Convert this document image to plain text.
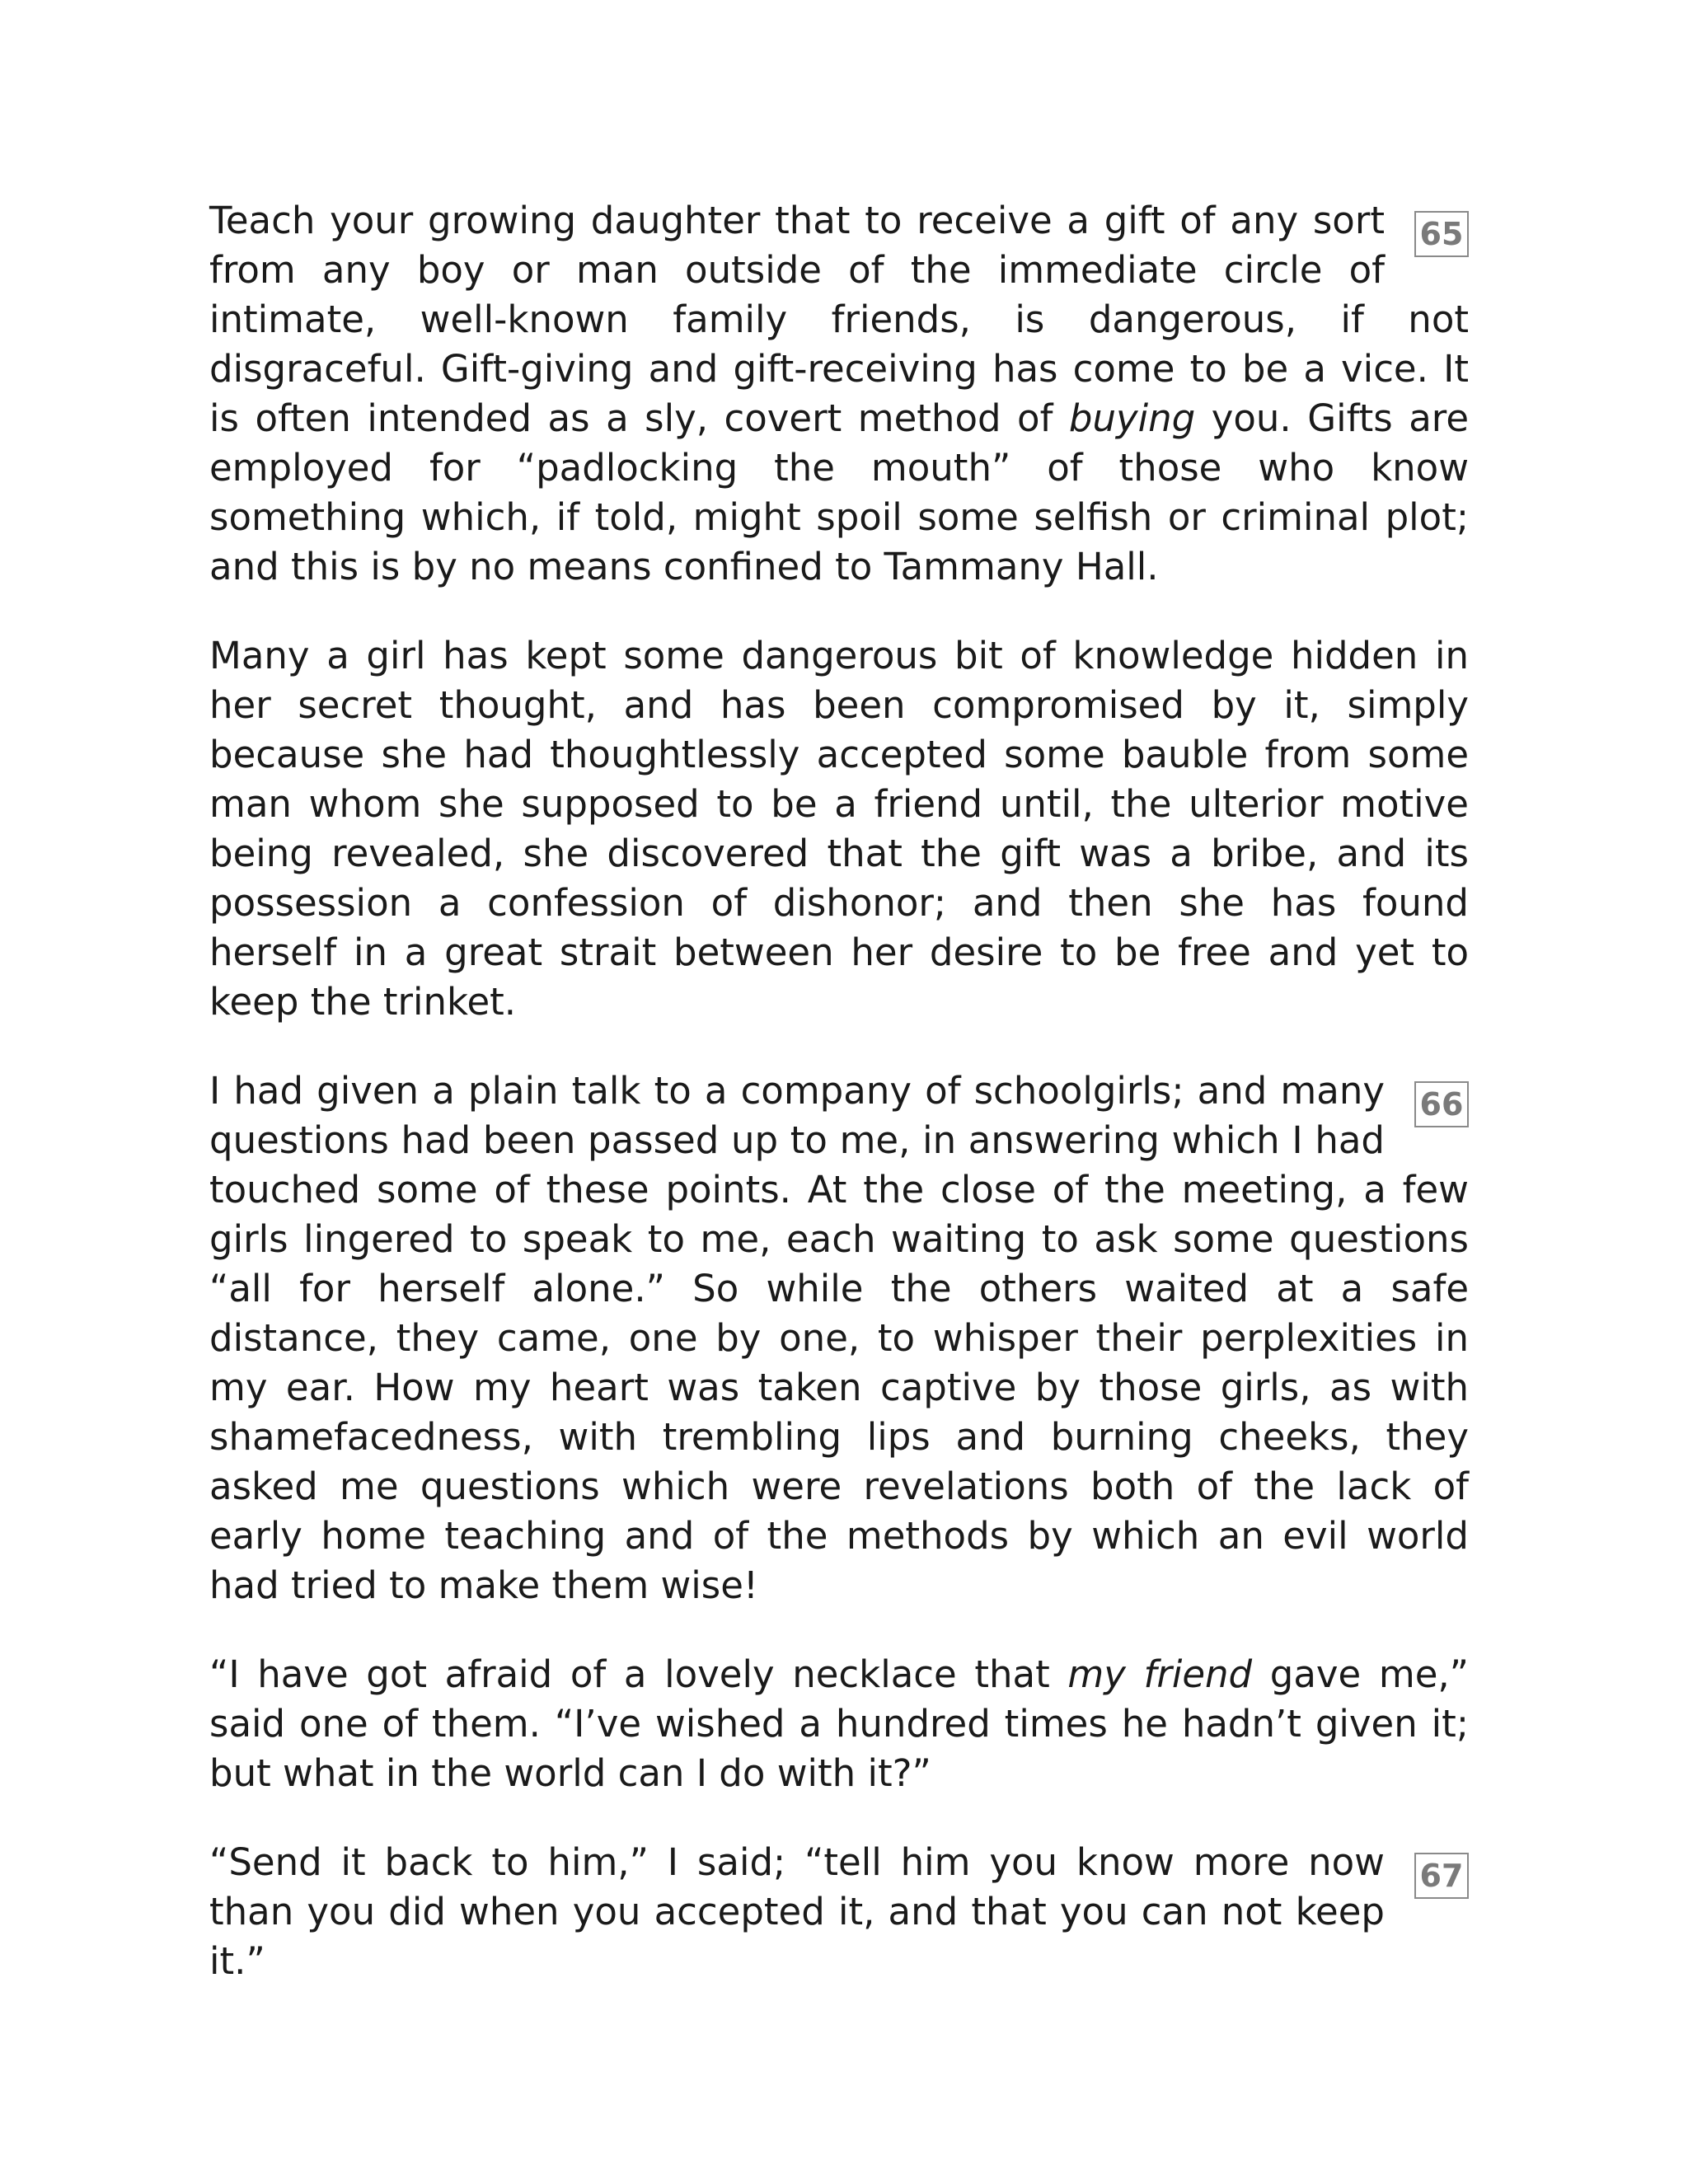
65
Teach your growing daughter that to receive a gift of any sort from any boy or man outside of the immediate circle of intimate, well-known family friends, is dangerous, if not disgraceful. Gift-giving and gift-receiving has come to be a vice. It is often intended as a sly, covert method of buying you. Gifts are employed for “padlocking the mouth” of those who know something which, if told, might spoil some selfish or criminal plot; and this is by no means confined to Tammany Hall.

Many a girl has kept some dangerous bit of knowledge hidden in her secret thought, and has been compromised by it, simply because she had thoughtlessly accepted some bauble from some man whom she supposed to be a friend until, the ulterior motive being revealed, she discovered that the gift was a bribe, and its possession a confession of dishonor; and then she has found herself in a great strait between her desire to be free and yet to keep the trinket.

66
I had given a plain talk to a company of schoolgirls; and many questions had been passed up to me, in answering which I had touched some of these points. At the close of the meeting, a few girls lingered to speak to me, each waiting to ask some questions “all for herself alone.” So while the others waited at a safe distance, they came, one by one, to whisper their perplexities in my ear. How my heart was taken captive by those girls, as with shamefacedness, with trembling lips and burning cheeks, they asked me questions which were revelations both of the lack of early home teaching and of the methods by which an evil world had tried to make them wise!

“I have got afraid of a lovely necklace that my friend gave me,” said one of them. “I’ve wished a hundred times he hadn’t given it; but what in the world can I do with it?”

67
“Send it back to him,” I said; “tell him you know more now than you did when you accepted it, and that you can not keep it.”
